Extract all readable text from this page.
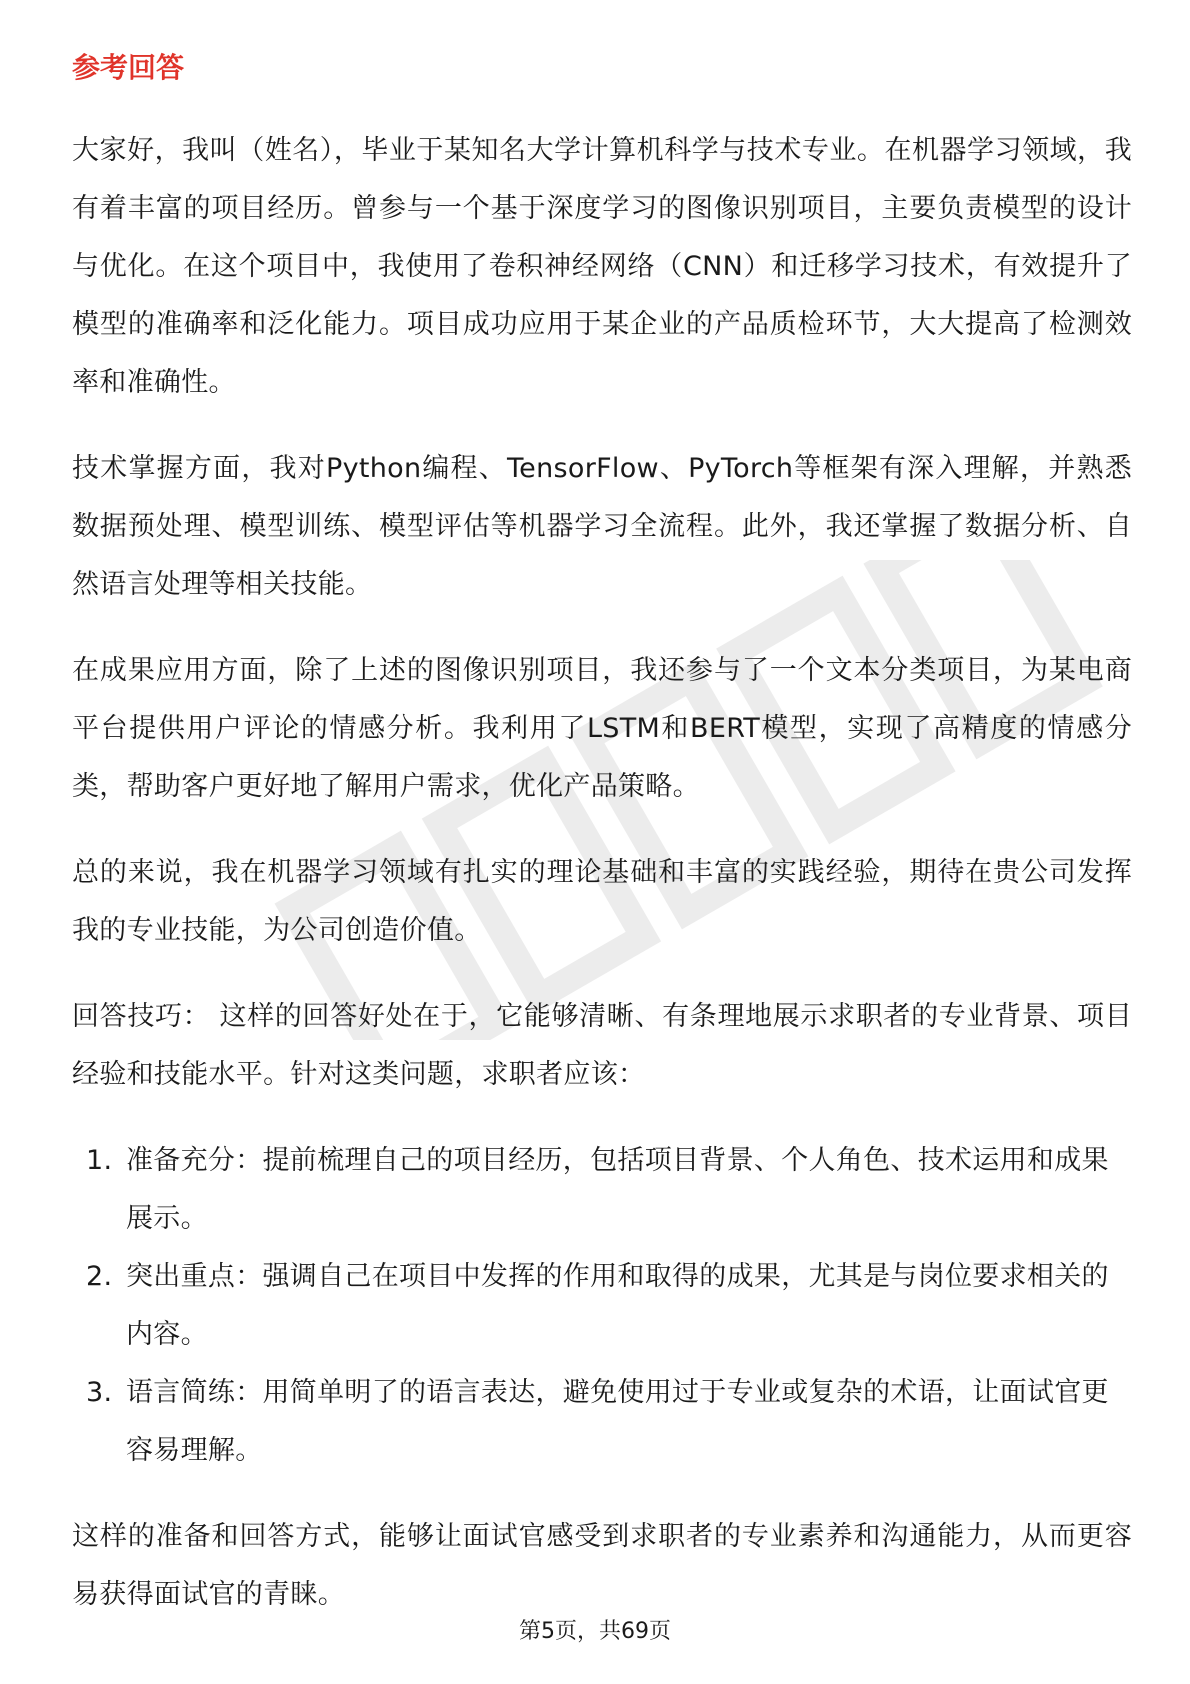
参考回答

大家好，我叫（姓名），毕业于某知名大学计算机科学与技术专业。在机器学习领域，我有着丰富的项目经历。曾参与一个基于深度学习的图像识别项目，主要负责模型的设计与优化。在这个项目中，我使用了卷积神经网络（CNN）和迁移学习技术，有效提升了模型的准确率和泛化能力。项目成功应用于某企业的产品质检环节，大大提高了检测效率和准确性。

技术掌握方面，我对Python编程、TensorFlow、PyTorch等框架有深入理解，并熟悉数据预处理、模型训练、模型评估等机器学习全流程。此外，我还掌握了数据分析、自然语言处理等相关技能。

在成果应用方面，除了上述的图像识别项目，我还参与了一个文本分类项目，为某电商平台提供用户评论的情感分析。我利用了LSTM和BERT模型，实现了高精度的情感分类，帮助客户更好地了解用户需求，优化产品策略。

总的来说，我在机器学习领域有扎实的理论基础和丰富的实践经验，期待在贵公司发挥我的专业技能，为公司创造价值。

回答技巧： 这样的回答好处在于，它能够清晰、有条理地展示求职者的专业背景、项目经验和技能水平。针对这类问题，求职者应该：

1. 准备充分：提前梳理自己的项目经历，包括项目背景、个人角色、技术运用和成果展示。
2. 突出重点：强调自己在项目中发挥的作用和取得的成果，尤其是与岗位要求相关的内容。
3. 语言简练：用简单明了的语言表达，避免使用过于专业或复杂的术语，让面试官更容易理解。

这样的准备和回答方式，能够让面试官感受到求职者的专业素养和沟通能力，从而更容易获得面试官的青睐。

第5页，共69页
